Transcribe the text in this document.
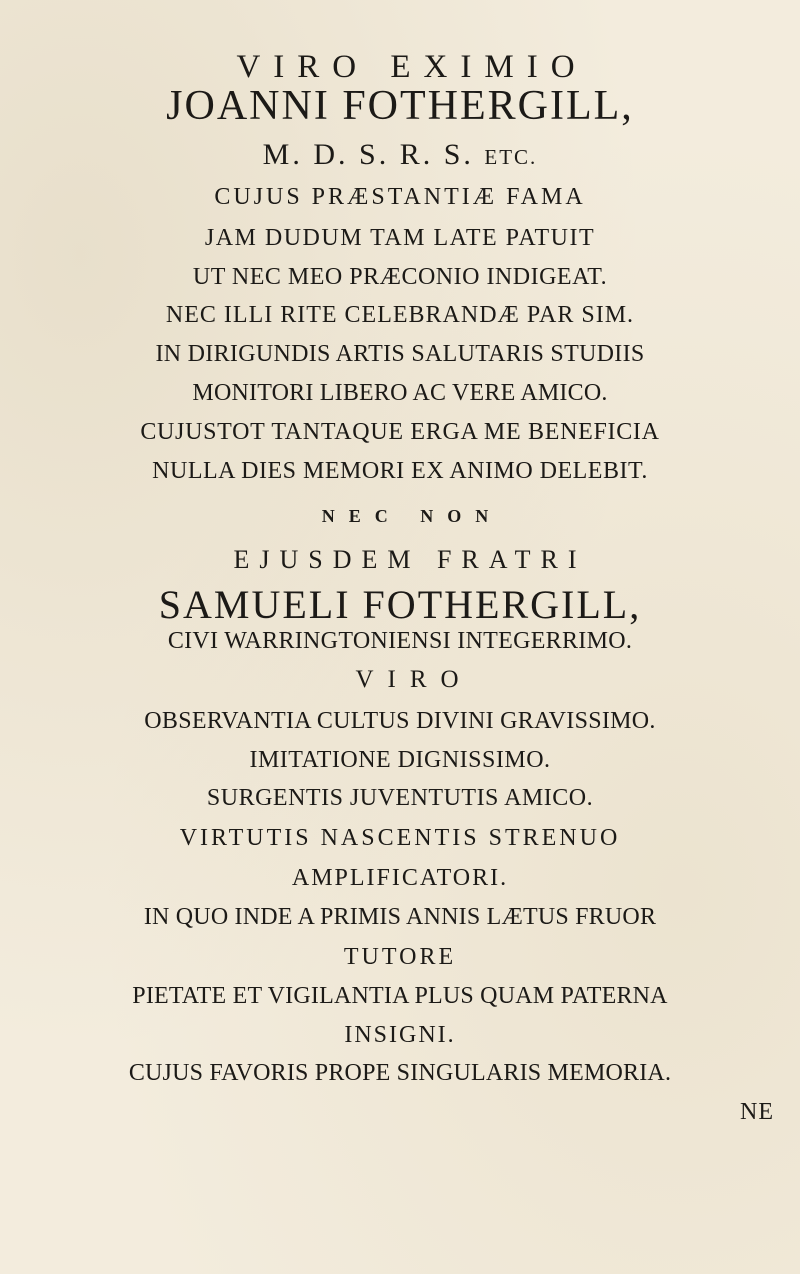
VIRO EXIMIO
JOANNI FOTHERGILL,
M. D. S. R. S. ETC.
CUJUS PRÆSTANTIÆ FAMA
JAM DUDUM TAM LATE PATUIT
UT NEC MEO PRÆCONIO INDIGEAT.
NEC ILLI RITE CELEBRANDÆ PAR SIM.
IN DIRIGUNDIS ARTIS SALUTARIS STUDIIS
MONITORI LIBERO AC VERE AMICO.
CUJUSTOT TANTAQUE ERGA ME BENEFICIA
NULLA DIES MEMORI EX ANIMO DELEBIT.
NEC NON
EJUSDEM FRATRI
SAMUELI FOTHERGILL,
CIVI WARRINGTONIENSI INTEGERRIMO.
VIRO
OBSERVANTIA CULTUS DIVINI GRAVISSIMO.
IMITATIONE DIGNISSIMO.
SURGENTIS JUVENTUTIS AMICO.
VIRTUTIS NASCENTIS STRENUO
AMPLIFICATORI.
IN QUO INDE A PRIMIS ANNIS LÆTUS FRUOR
TUTORE
PIETATE ET VIGILANTIA PLUS QUAM PATERNA
INSIGNI.
CUJUS FAVORIS PROPE SINGULARIS MEMORIA.
NE
